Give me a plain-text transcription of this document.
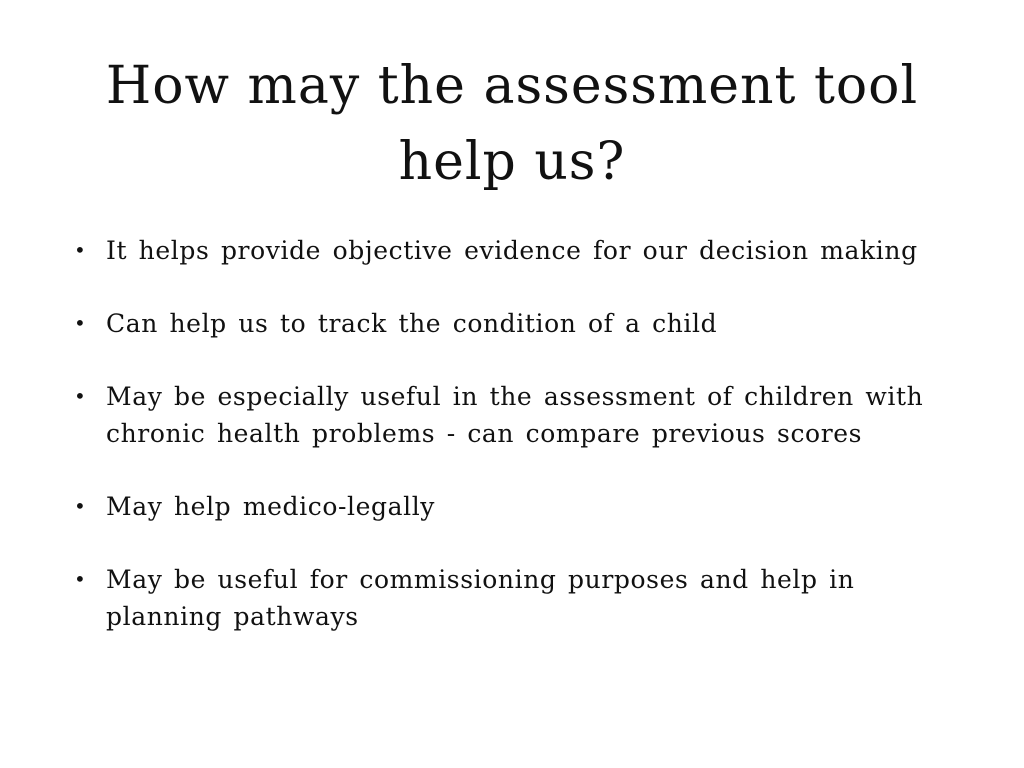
How may the assessment tool help us?
• It helps provide objective evidence for our decision making
• Can help us to track the condition of a child
• May be especially useful in the assessment of children with chronic health problems - can compare previous scores
• May help medico-legally
• May be useful for commissioning purposes and help in planning pathways
